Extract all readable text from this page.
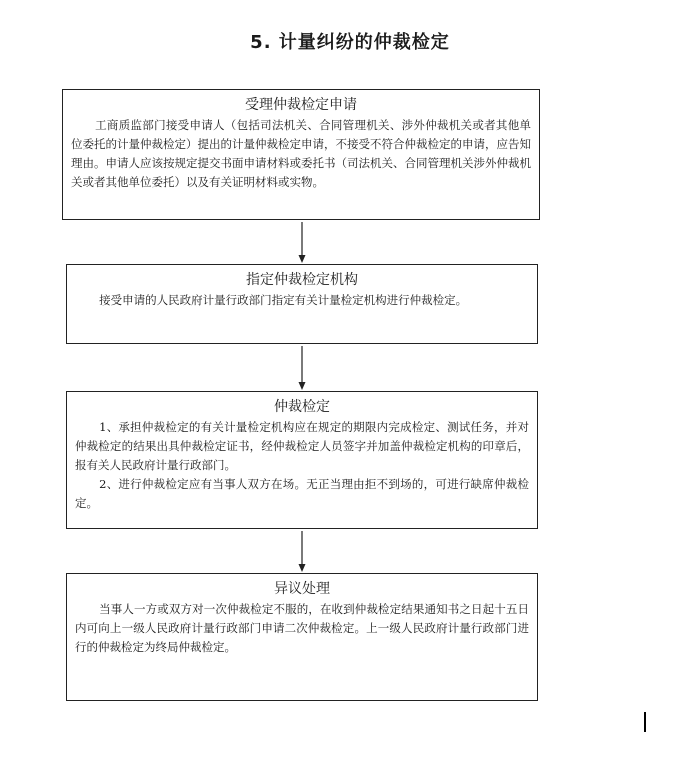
5. 计量纠纷的仲裁检定
受理仲裁检定申请

工商质监部门接受申请人（包括司法机关、合同管理机关、涉外仲裁机关或者其他单位委托的计量仲裁检定）提出的计量仲裁检定申请，不接受不符合仲裁检定的申请，应告知理由。申请人应该按规定提交书面申请材料或委托书（司法机关、合同管理机关涉外仲裁机关或者其他单位委托）以及有关证明材料或实物。

指定仲裁检定机构

接受申请的人民政府计量行政部门指定有关计量检定机构进行仲裁检定。

仲裁检定

1、承担仲裁检定的有关计量检定机构应在规定的期限内完成检定、测试任务，并对仲裁检定的结果出具仲裁检定证书，经仲裁检定人员签字并加盖仲裁检定机构的印章后，报有关人民政府计量行政部门。

2、进行仲裁检定应有当事人双方在场。无正当理由拒不到场的，可进行缺席仲裁检定。

异议处理

当事人一方或双方对一次仲裁检定不服的，在收到仲裁检定结果通知书之日起十五日内可向上一级人民政府计量行政部门申请二次仲裁检定。上一级人民政府计量行政部门进行的仲裁检定为终局仲裁检定。
